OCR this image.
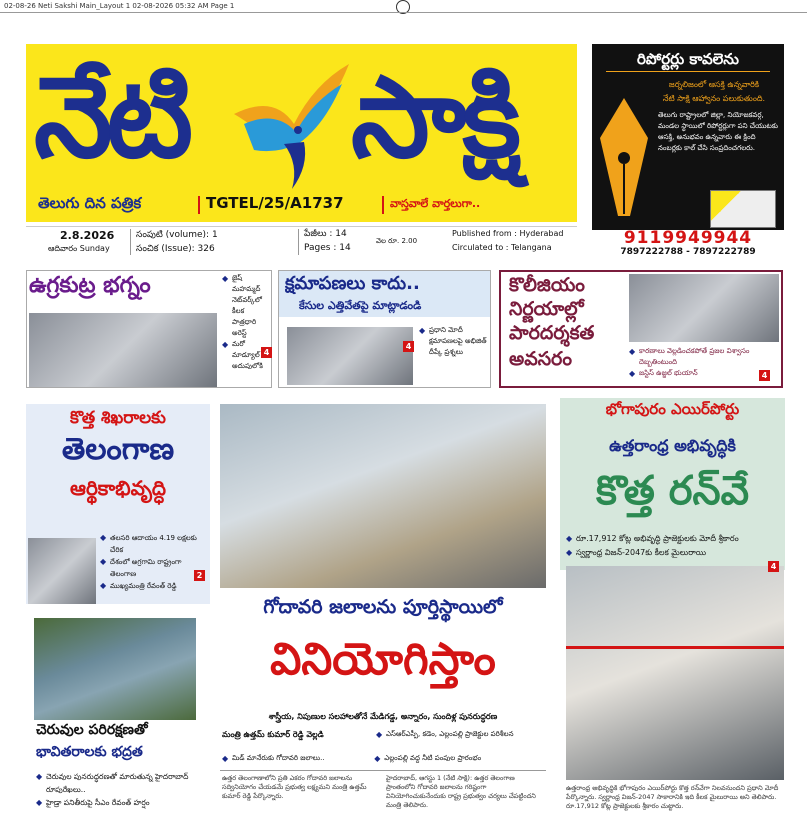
02-08-26 Neti Sakshi Main_Layout 1 02-08-2026 05:32 AM Page 1
నేటి సాక్షి
తెలుగు దిన పత్రిక	TGTEL/25/A1737	వాస్తవాలే వార్తలుగా..
2.8.2026
ఆదివారం Sunday
సంపుటి (volume): 1
సంచిక (Issue): 326
పేజీలు : 14
Pages : 14
వెల రూ. 2.00
Published from : Hyderabad
Circulated to : Telangana
రిపోర్టర్లు కావలెను
జర్నలిజంలో ఆసక్తి ఉన్నవారికి
నేటి సాక్షి ఆహ్వానం పలుకుతుంది.
తెలుగు రాష్ట్రాలలో జిల్లా, నియోజకవర్గ, మండల స్థాయిలో రిపోర్టర్లుగా పని చేయుటకు ఆసక్తి, అనుభవం ఉన్నవారు ఈ క్రింది నంబర్లకు కాల్ చేసి సంప్రదించగలరు.
9119949944
7897222788 - 7897222789
ఉగ్రకుట్ర భగ్నం	◆ జైష్ మహమ్మద్ నెట్‌వర్క్‌లో కీలక పాత్రధారి అరెస్ట్
◆ మరో మాడ్యూల్ అదుపులోకి
4
క్షమాపణలు కాదు..
కేసుల ఎత్తివేతపై మాట్లాడండి
4
◆ ప్రధాని మోదీ క్షమాపణలపై అభిజిత్ దీప్కే ప్రశ్నలు
కొలీజియం
నిర్ణయాల్లో
పారదర్శకత
అవసరం	◆ కారణాలు వెల్లడించకపోతే ప్రజల విశ్వాసం దెబ్బతింటుంది
◆ జస్టిస్ ఉజ్జల్ భుయాన్	4
కొత్త శిఖరాలకు
తెలంగాణ
ఆర్థికాభివృద్ధి
◆ తలసరి ఆదాయం 4.19 లక్షలకు చేరిక
◆ దేశంలో అగ్రగామి రాష్ట్రంగా తెలంగాణ
◆ ముఖ్యమంత్రి రేవంత్ రెడ్డి
2
చెరువుల పరిరక్షణతో
భావితరాలకు భద్రత
◆ చెరువుల పునరుద్ధరణతో మారుతున్న హైదరాబాద్ రూపురేఖలు..
◆ హైడ్రా పనితీరుపై సీఎం రేవంత్ హర్షం
గోదావరి జలాలను పూర్తిస్థాయిలో
వినియోగిస్తాం
శాస్త్రీయ, నిపుణుల సలహాలతోనే మేడిగడ్డ, అన్నారం, సుందిళ్ల పునరుద్ధరణ
మంత్రి ఉత్తమ్ కుమార్ రెడ్డి వెల్లడి	◆ ఎస్ఆర్ఎస్పీ, కడెం, ఎల్లంపల్లి ప్రాజెక్టుల పరిశీలన
◆ మిడ్ మానేరుకు గోదావరి జలాలు..	◆ ఎల్లంపల్లి వద్ద నీటి పంపుల ప్రారంభం
ఉత్తర తెలంగాణాలోని ప్రతి ఎకరం గోదావరి జలాలను సద్వినియోగం చేయడమే ప్రభుత్వ లక్ష్యమని మంత్రి ఉత్తమ్ కుమార్ రెడ్డి పేర్కొన్నారు.
హైదరాబాద్, ఆగస్టు 1 (నేటి సాక్షి): ఉత్తర తెలంగాణ ప్రాంతంలోని గోదావరి జలాలను గరిష్టంగా వినియోగించుకునేందుకు రాష్ట్ర ప్రభుత్వం చర్యలు చేపట్టిందని మంత్రి తెలిపారు.
భోగాపురం ఎయిర్‌పోర్టు
ఉత్తరాంధ్ర అభివృద్ధికి
కొత్త రన్‌వే
◆ రూ.17,912 కోట్ల అభివృద్ధి ప్రాజెక్టులకు మోదీ శ్రీకారం
◆ స్వర్ణాంధ్ర విజన్-2047కు కీలక మైలురాయి
4
ఉత్తరాంధ్ర అభివృద్ధికి భోగాపురం ఎయిర్‌పోర్టు కొత్త రన్‌వేగా నిలవనుందని ప్రధాని మోదీ పేర్కొన్నారు. స్వర్ణాంధ్ర విజన్-2047 సాకారానికి ఇది కీలక మైలురాయి అని తెలిపారు. రూ.17,912 కోట్ల ప్రాజెక్టులకు శ్రీకారం చుట్టారు.
